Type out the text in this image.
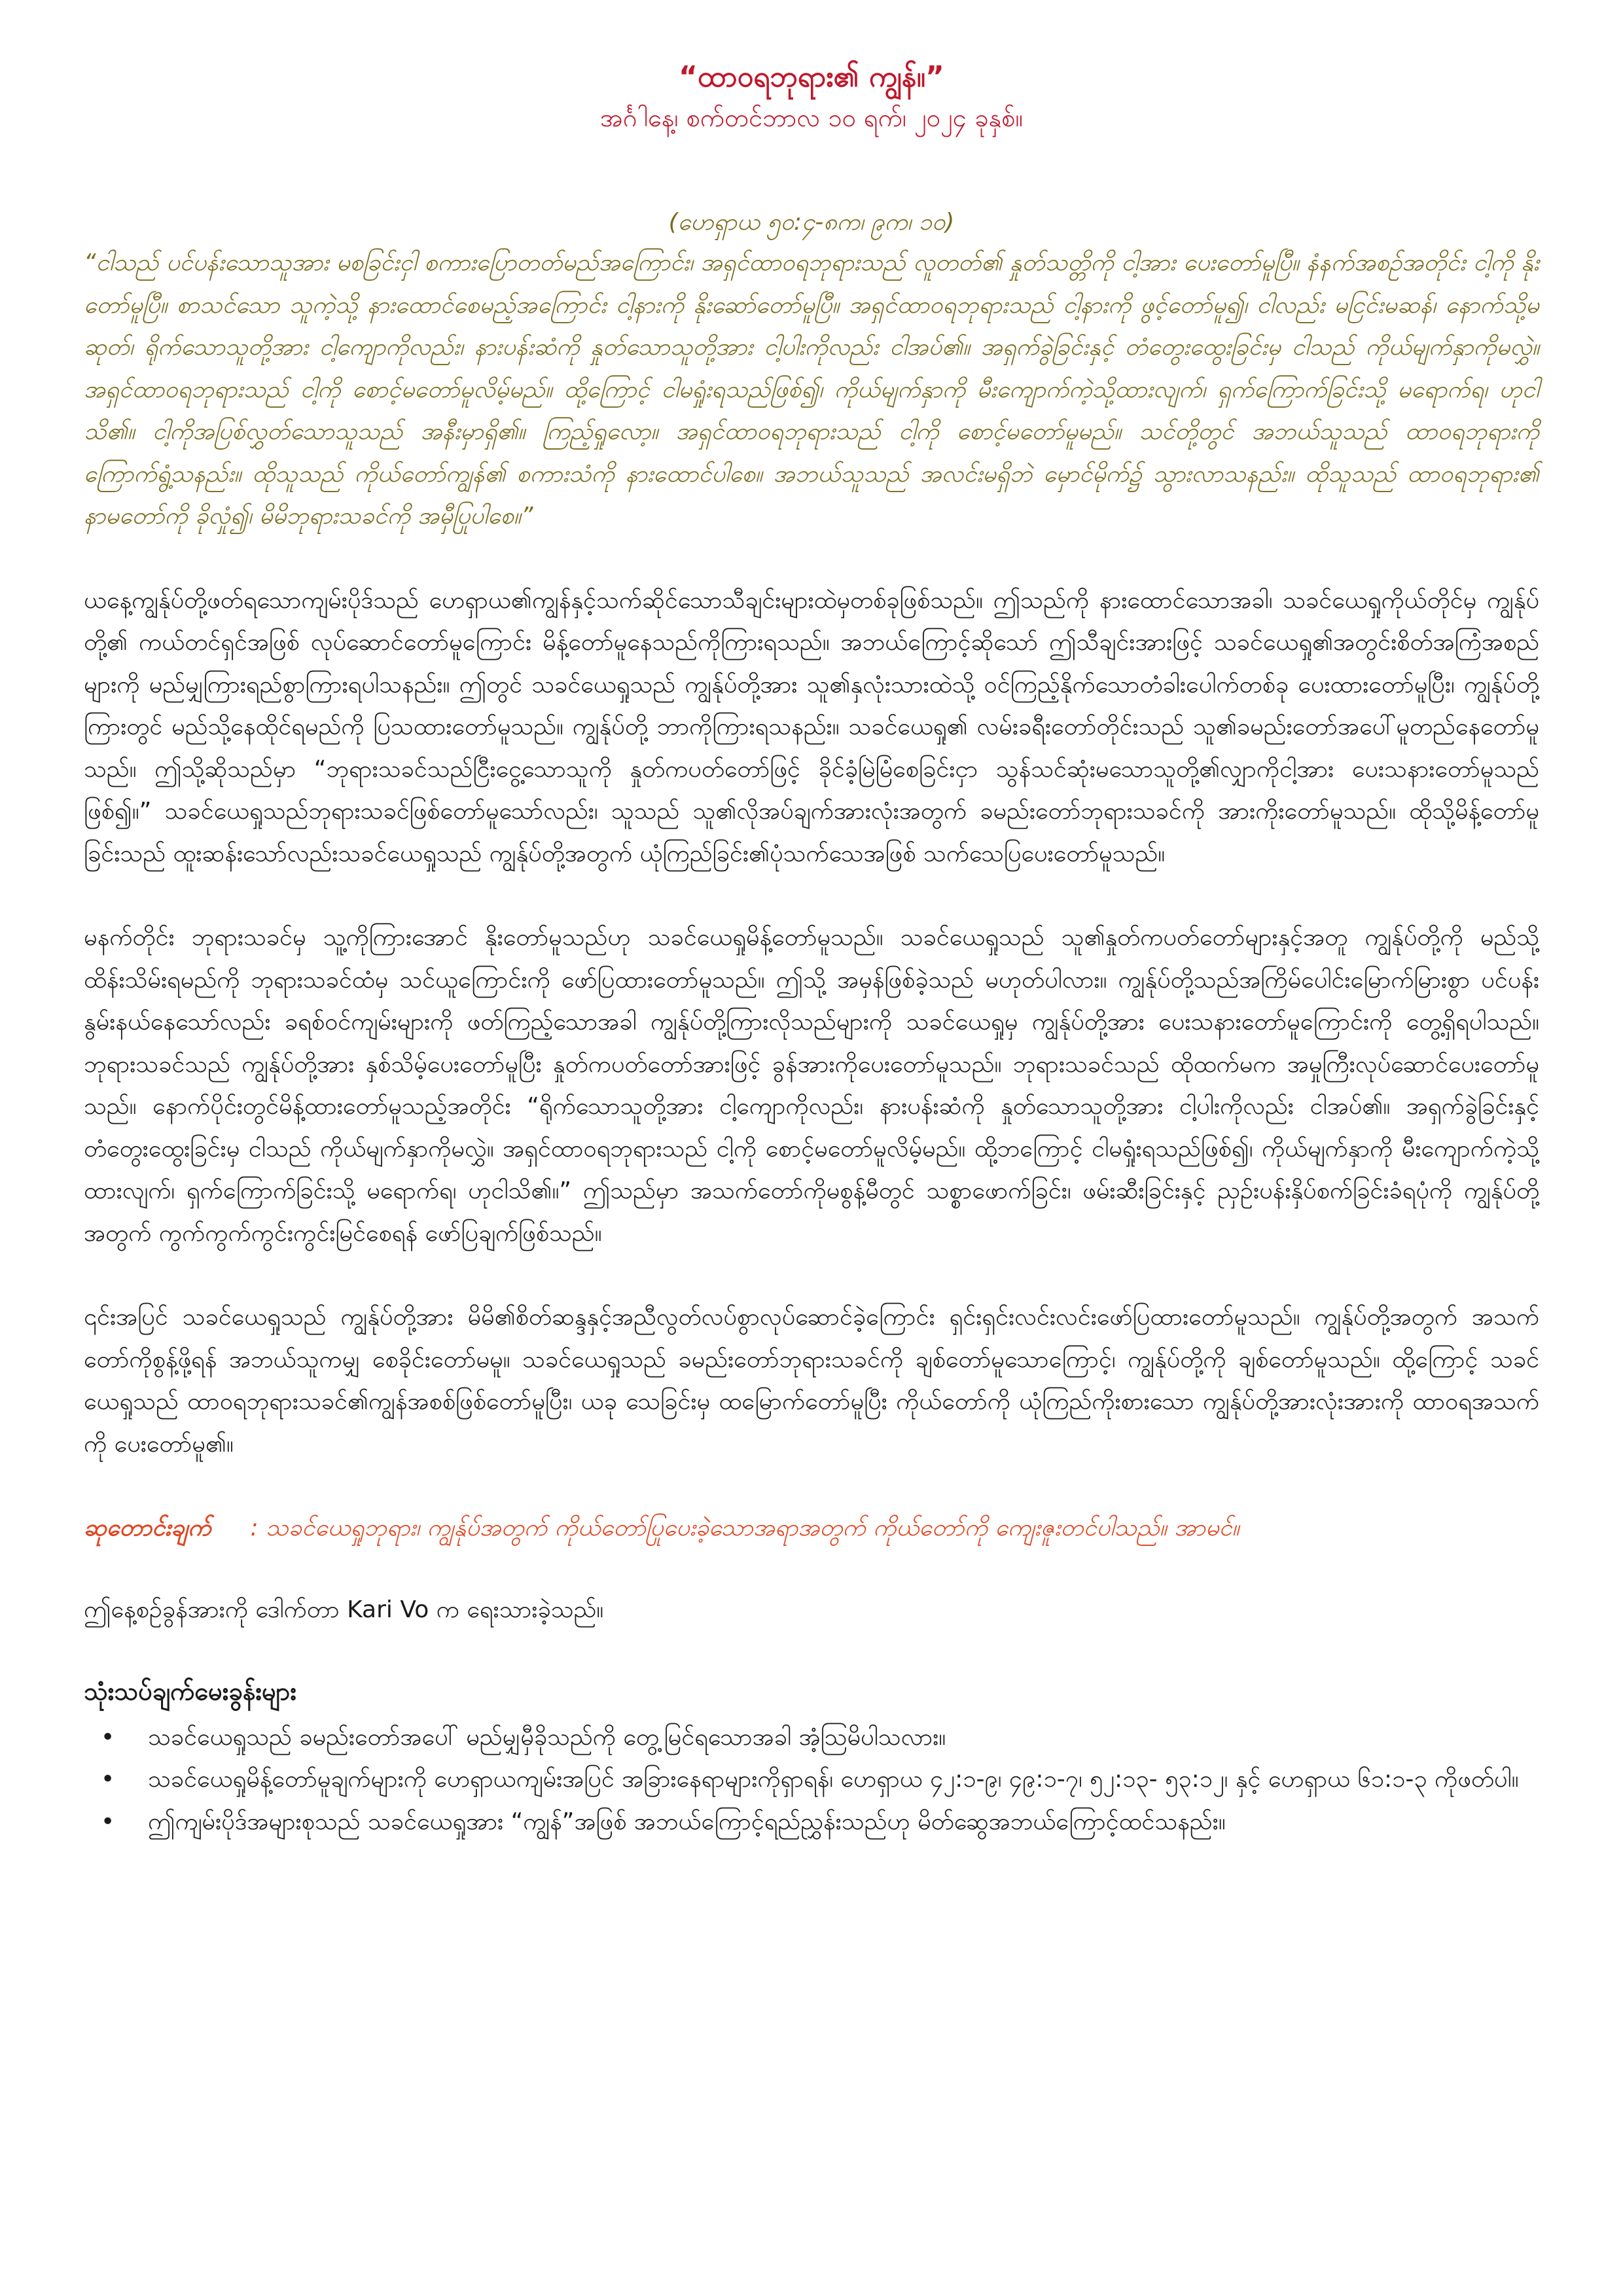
“ထာဝရဘုရား၏ ကျွန်။”
အင်္ဂါနေ့၊ စက်တင်ဘာလ ၁၀ ရက်၊ ၂၀၂၄ ခုနှစ်။
(ဟေရှာယ ၅၀:၄-၈က၊ ၉က၊ ၁၀)
“ငါသည် ပင်ပန်းသောသူအား မစခြင်းငှါ စကားပြောတတ်မည်အကြောင်း၊ အရှင်ထာဝရဘုရားသည် လူတတ်၏ နှုတ်သတ္တိကို ငါ့အား ပေးတော်မူပြီ။ နံနက်အစဉ်အတိုင်း ငါ့ကို နိုးတော်မူပြီ။ စာသင်သော သူကဲ့သို့ နားထောင်စေမည့်အကြောင်း ငါ့နားကို နိုးဆော်တော်မူပြီ။ အရှင်ထာဝရဘုရားသည် ငါ့နားကို ဖွင့်တော်မူ၍၊ ငါလည်း မငြင်းမဆန်၊ နောက်သို့မဆုတ်၊ ရိုက်သောသူတို့အား ငါ့ကျောကိုလည်း၊ နားပန်းဆံကို နှုတ်သောသူတို့အား ငါ့ပါးကိုလည်း ငါအပ်၏။ အရှက်ခွဲခြင်းနှင့် တံတွေးထွေးခြင်းမှ ငါသည် ကိုယ်မျက်နှာကိုမလွှဲ။ အရှင်ထာဝရဘုရားသည် ငါ့ကို စောင့်မတော်မူလိမ့်မည်။ ထို့ကြောင့် ငါမရှုံးရသည်ဖြစ်၍၊ ကိုယ်မျက်နှာကို မီးကျောက်ကဲ့သို့ထားလျက်၊ ရှက်ကြောက်ခြင်းသို့ မရောက်ရ၊ ဟုငါသိ၏။ ငါ့ကိုအပြစ်လွှတ်သောသူသည် အနီးမှာရှိ၏။ ကြည့်ရှုလော့။ အရှင်ထာဝရဘုရားသည် ငါ့ကို စောင့်မတော်မူမည်။ သင်တို့တွင် အဘယ်သူသည် ထာဝရဘုရားကို ကြောက်ရွံ့သနည်း။ ထိုသူသည် ကိုယ်တော်ကျွန်၏ စကားသံကို နားထောင်ပါစေ။ အဘယ်သူသည် အလင်းမရှိဘဲ မှောင်မိုက်၌ သွားလာသနည်း။ ထိုသူသည် ထာဝရဘုရား၏ နာမတော်ကို ခိုလှုံ၍၊ မိမိဘုရားသခင်ကို အမှီပြုပါစေ။”
ယနေ့ကျွန်ုပ်တို့ဖတ်ရသောကျမ်းပိုဒ်သည် ဟေရှာယ၏ကျွန်နှင့်သက်ဆိုင်သောသီချင်းများထဲမှတစ်ခုဖြစ်သည်။ ဤသည်ကို နားထောင်သောအခါ၊ သခင်ယေရှုကိုယ်တိုင်မှ ကျွန်ုပ်တို့၏ ကယ်တင်ရှင်အဖြစ် လုပ်ဆောင်တော်မူကြောင်း မိန့်တော်မူနေသည်ကိုကြားရသည်။ အဘယ်ကြောင့်ဆိုသော် ဤသီချင်းအားဖြင့် သခင်ယေရှု၏အတွင်းစိတ်အကြံအစည်များကို မည်မျှကြားရည်စွာကြားရပါသနည်း။ ဤတွင် သခင်ယေရှုသည် ကျွန်ုပ်တို့အား သူ၏နှလုံးသားထဲသို့ ဝင်ကြည့်နိုက်သောတံခါးပေါက်တစ်ခု ပေးထားတော်မူပြီး၊ ကျွန်ုပ်တို့ကြားတွင် မည်သို့နေထိုင်ရမည်ကို ပြသထားတော်မူသည်။ ကျွန်ုပ်တို့ ဘာကိုကြားရသနည်း။ သခင်ယေရှု၏ လမ်းခရီးတော်တိုင်းသည် သူ၏ခမည်းတော်အပေါ်မူတည်နေတော်မူသည်။ ဤသို့ဆိုသည်မှာ “ဘုရားသခင်သည်ငြီးငွေ့သောသူကို နှုတ်ကပတ်တော်ဖြင့် ခိုင်ခံ့မြဲမြံစေခြင်းငှာ သွန်သင်ဆုံးမသောသူတို့၏လျှာကိုငါ့အား ပေးသနားတော်မူသည်ဖြစ်၍။” သခင်ယေရှုသည်ဘုရားသခင်ဖြစ်တော်မူသော်လည်း၊ သူသည် သူ၏လိုအပ်ချက်အားလုံးအတွက် ခမည်းတော်ဘုရားသခင်ကို အားကိုးတော်မူသည်။ ထိုသို့မိန့်တော်မူခြင်းသည် ထူးဆန်းသော်လည်းသခင်ယေရှုသည် ကျွန်ုပ်တို့အတွက် ယုံကြည်ခြင်း၏ပုံသက်သေအဖြစ် သက်သေပြပေးတော်မူသည်။
မနက်တိုင်း ဘုရားသခင်မှ သူ့ကိုကြားအောင် နိုးတော်မူသည်ဟု သခင်ယေရှုမိန့်တော်မူသည်။ သခင်ယေရှုသည် သူ၏နှုတ်ကပတ်တော်များနှင့်အတူ ကျွန်ုပ်တို့ကို မည်သို့ထိန်းသိမ်းရမည်ကို ဘုရားသခင်ထံမှ သင်ယူကြောင်းကို ဖော်ပြထားတော်မူသည်။ ဤသို့ အမှန်ဖြစ်ခဲ့သည် မဟုတ်ပါလား။ ကျွန်ုပ်တို့သည်အကြိမ်ပေါင်းမြောက်မြားစွာ ပင်ပန်းနွမ်းနယ်နေသော်လည်း ခရစ်ဝင်ကျမ်းများကို ဖတ်ကြည့်သောအခါ ကျွန်ုပ်တို့ကြားလိုသည်များကို သခင်ယေရှုမှ ကျွန်ုပ်တို့အား ပေးသနားတော်မူကြောင်းကို တွေ့ရှိရပါသည်။ ဘုရားသခင်သည် ကျွန်ုပ်တို့အား နှစ်သိမ့်ပေးတော်မူပြီး နှုတ်ကပတ်တော်အားဖြင့် ခွန်အားကိုပေးတော်မူသည်။ ဘုရားသခင်သည် ထိုထက်မက အမှုကြီးလုပ်ဆောင်ပေးတော်မူသည်။ နောက်ပိုင်းတွင်မိန့်ထားတော်မူသည့်အတိုင်း “ရိုက်သောသူတို့အား ငါ့ကျောကိုလည်း၊ နားပန်းဆံကို နှုတ်သောသူတို့အား ငါ့ပါးကိုလည်း ငါအပ်၏။ အရှက်ခွဲခြင်းနှင့် တံတွေးထွေးခြင်းမှ ငါသည် ကိုယ်မျက်နှာကိုမလွှဲ။ အရှင်ထာဝရဘုရားသည် ငါ့ကို စောင့်မတော်မူလိမ့်မည်။ ထို့ဘကြောင့် ငါမရှုံးရသည်ဖြစ်၍၊ ကိုယ်မျက်နှာကို မီးကျောက်ကဲ့သို့ ထားလျက်၊ ရှက်ကြောက်ခြင်းသို့ မရောက်ရ၊ ဟုငါသိ၏။” ဤသည်မှာ အသက်တော်ကိုမစွန့်မီတွင် သစ္စာဖောက်ခြင်း၊ ဖမ်းဆီးခြင်းနှင့် ညှဉ်းပန်းနှိပ်စက်ခြင်းခံရပုံကို ကျွန်ုပ်တို့အတွက် ကွက်ကွက်ကွင်းကွင်းမြင်စေရန် ဖော်ပြချက်ဖြစ်သည်။
၎င်းအပြင် သခင်ယေရှုသည် ကျွန်ုပ်တို့အား မိမိ၏စိတ်ဆန္ဒနှင့်အညီလွတ်လပ်စွာလုပ်ဆောင်ခဲ့ကြောင်း ရှင်းရှင်းလင်းလင်းဖော်ပြထားတော်မူသည်။ ကျွန်ုပ်တို့အတွက် အသက်တော်ကိုစွန့်ဖို့ရန် အဘယ်သူကမျှ စေခိုင်းတော်မမူ။ သခင်ယေရှုသည် ခမည်းတော်ဘုရားသခင်ကို ချစ်တော်မူသောကြောင့်၊ ကျွန်ုပ်တို့ကို ချစ်တော်မူသည်။ ထို့ကြောင့် သခင်ယေရှုသည် ထာဝရဘုရားသခင်၏ကျွန်အစစ်ဖြစ်တော်မူပြီး၊ ယခု သေခြင်းမှ ထမြောက်တော်မူပြီး ကိုယ်တော်ကို ယုံကြည်ကိုးစားသော ကျွန်ုပ်တို့အားလုံးအားကို ထာဝရအသက်ကို ပေးတော်မူ၏။
ဆုတောင်းချက် : သခင်ယေရှုဘုရား၊ ကျွန်ုပ်အတွက် ကိုယ်တော်ပြုပေးခဲ့သောအရာအတွက် ကိုယ်တော်ကို ကျေးဇူးတင်ပါသည်။ အာမင်။
ဤနေ့စဉ်ခွန်အားကို ဒေါက်တာ Kari Vo က ရေးသားခဲ့သည်။
သုံးသပ်ချက်မေးခွန်းများ
• သခင်ယေရှုသည် ခမည်းတော်အပေါ် မည်မျှမှီခိုသည်ကို တွေ့မြင်ရသောအခါ အံ့သြမိပါသလား။
• သခင်ယေရှုမိန့်တော်မူချက်များကို ဟေရှာယကျမ်းအပြင် အခြားနေရာများကိုရှာရန်၊ ဟေရှာယ ၄၂:၁-၉၊ ၄၉:၁-၇၊ ၅၂:၁၃- ၅၃:၁၂၊ နှင့် ဟေရှာယ ၆၁:၁-၃ ကိုဖတ်ပါ။
• ဤကျမ်းပိုဒ်အများစုသည် သခင်ယေရှုအား “ကျွန်”အဖြစ် အဘယ်ကြောင့်ရည်ညွှန်းသည်ဟု မိတ်ဆွေအဘယ်ကြောင့်ထင်သနည်း။
